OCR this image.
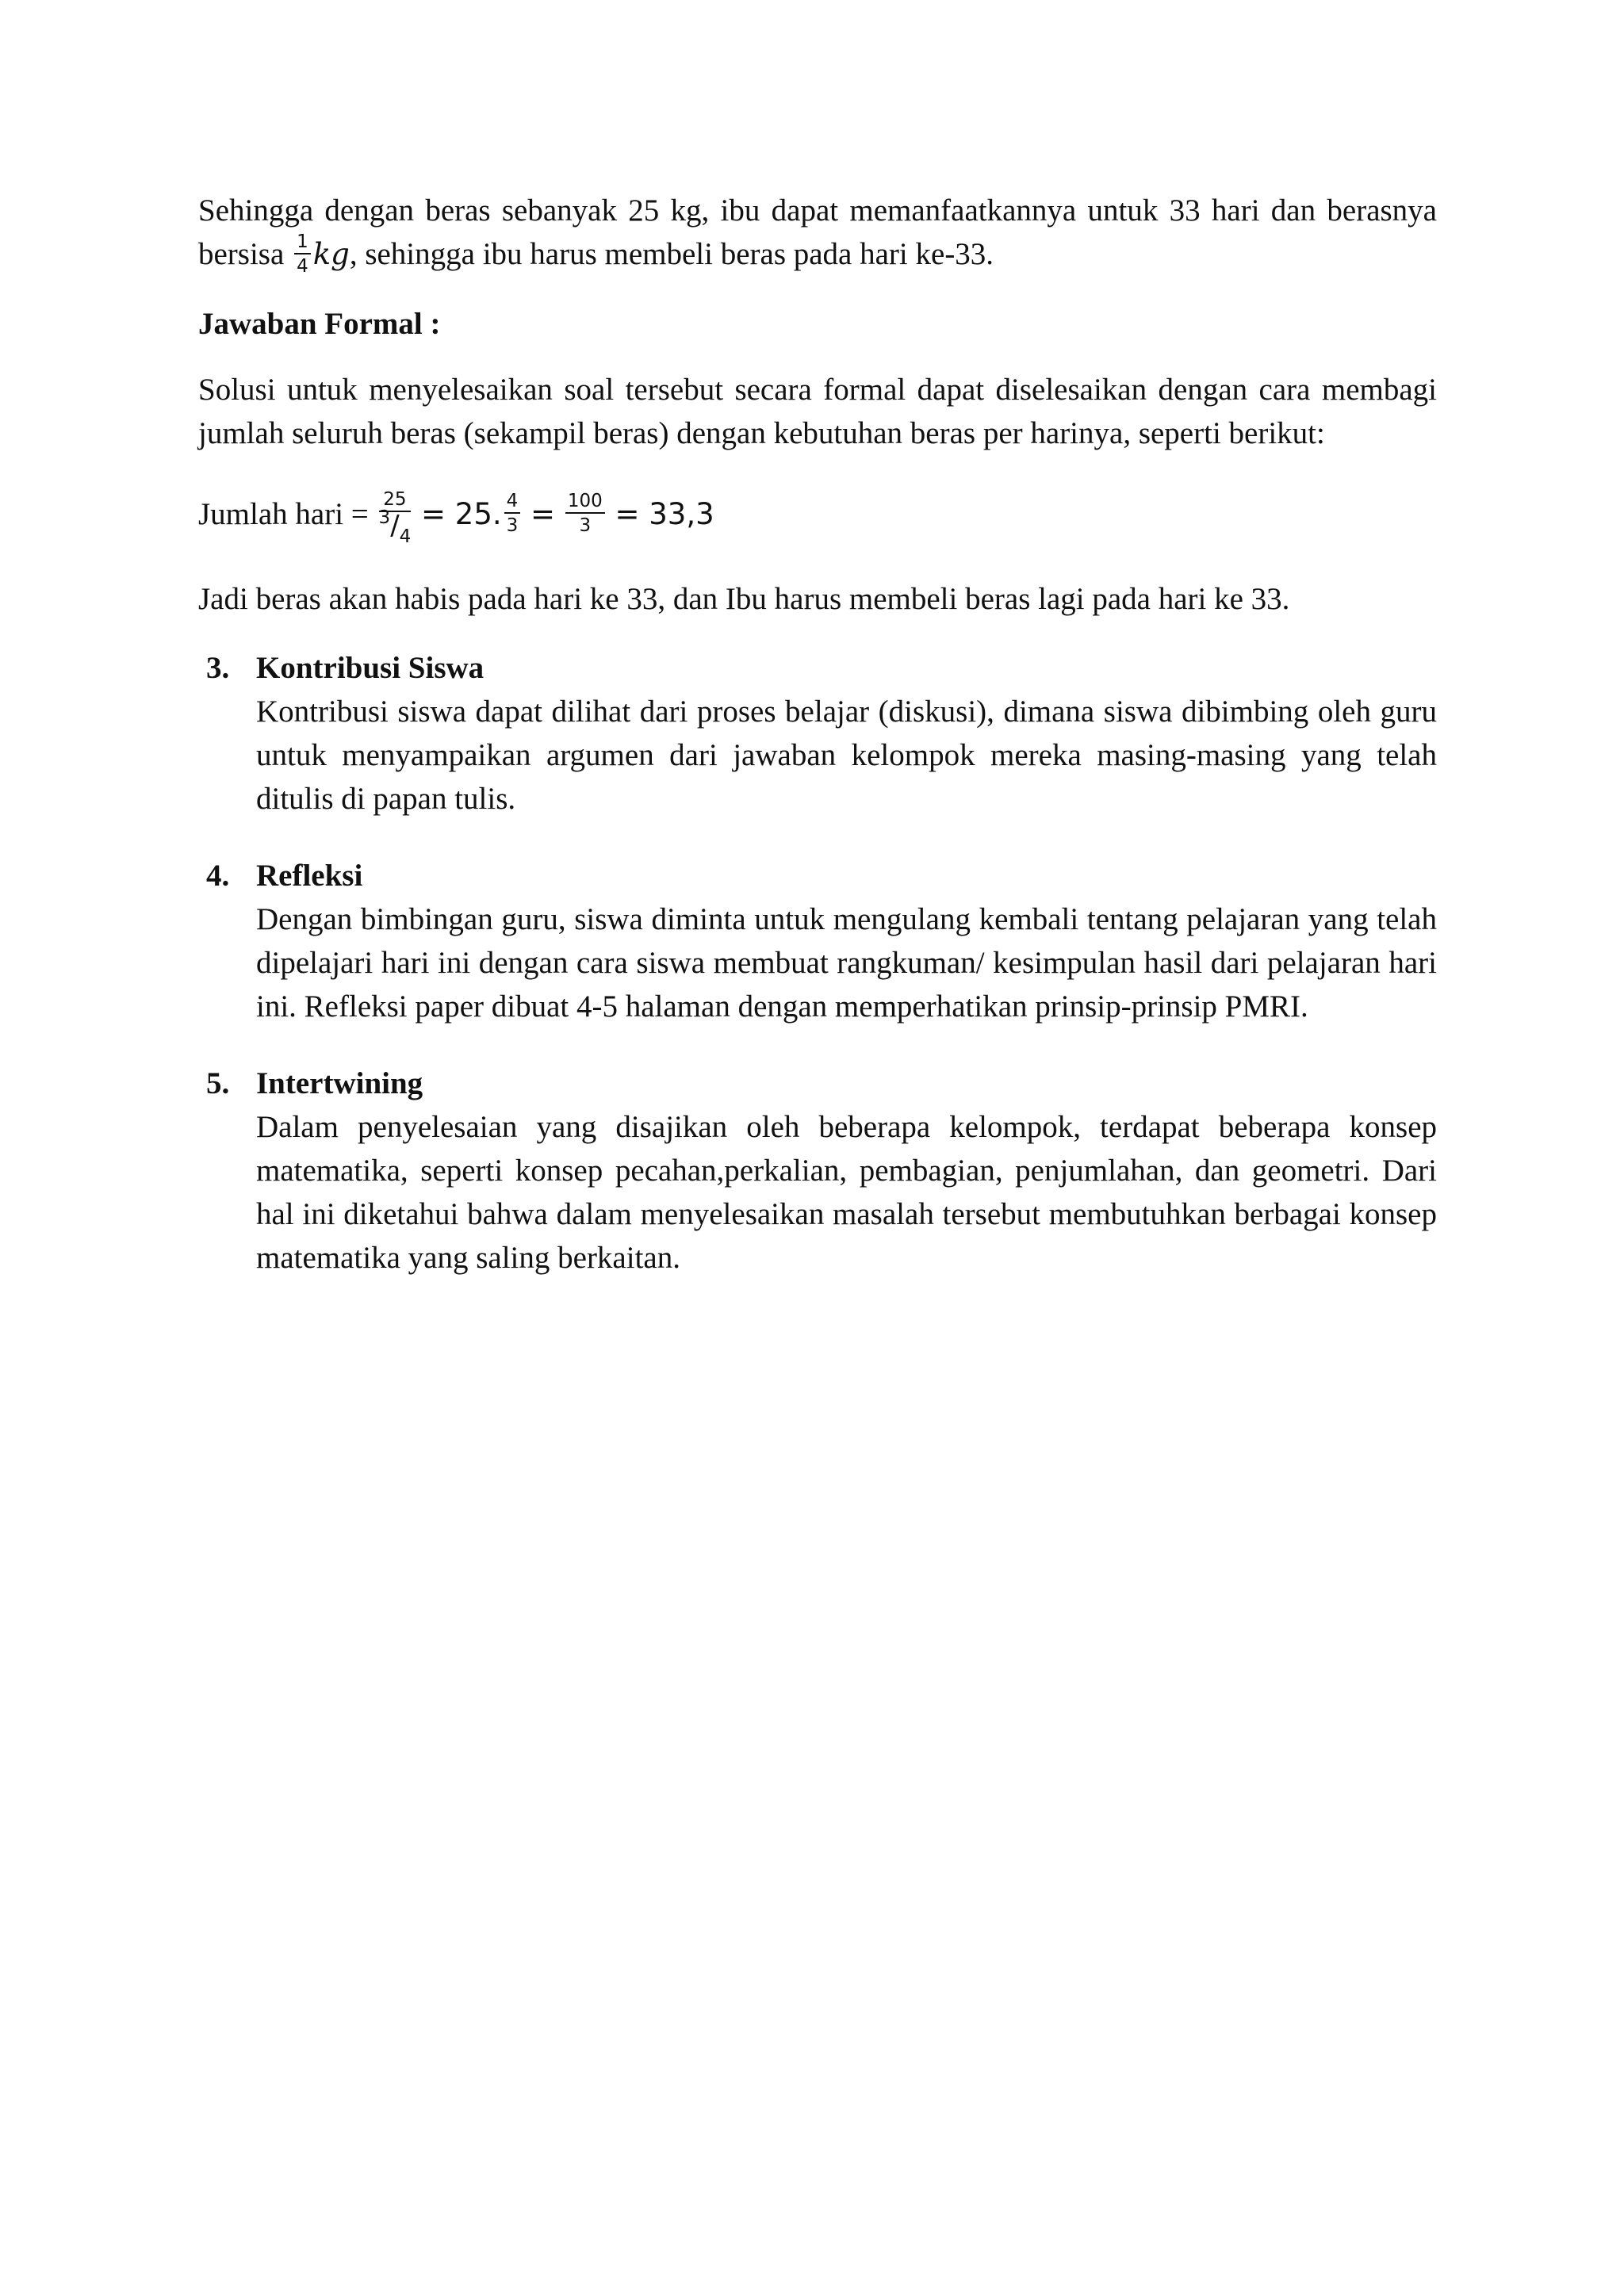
Sehingga dengan beras sebanyak 25 kg, ibu dapat memanfaatkannya untuk 33 hari dan berasnya bersisa $\frac{1}{4}$ kg, sehingga ibu harus membeli beras pada hari ke-33.

Jawaban Formal :

Solusi untuk menyelesaikan soal tersebut secara formal dapat diselesaikan dengan cara membagi jumlah seluruh beras (sekampil beras) dengan kebutuhan beras per harinya, seperti berikut:

Jumlah hari = $\frac{25}{3/4} = 25$. $\frac{4}{3} = \frac{100}{3} = 33,3$

Jadi beras akan habis pada hari ke 33, dan Ibu harus membeli beras lagi pada hari ke 33.

3. Kontribusi Siswa

Kontribusi siswa dapat dilihat dari proses belajar (diskusi), dimana siswa dibimbing oleh guru untuk menyampaikan argumen dari jawaban kelompok mereka masing-masing yang telah ditulis di papan tulis.

4. Refleksi

Dengan bimbingan guru, siswa diminta untuk mengulang kembali tentang pelajaran yang telah dipelajari hari ini dengan cara siswa membuat rangkuman/ kesimpulan hasil dari pelajaran hari ini. Refleksi paper dibuat 4-5 halaman dengan memperhatikan prinsip-prinsip PMRI.

5. Intertwining

Dalam penyelesaian yang disajikan oleh beberapa kelompok, terdapat beberapa konsep matematika, seperti konsep pecahan,perkalian, pembagian, penjumlahan, dan geometri. Dari hal ini diketahui bahwa dalam menyelesaikan masalah tersebut membutuhkan berbagai konsep matematika yang saling berkaitan.
